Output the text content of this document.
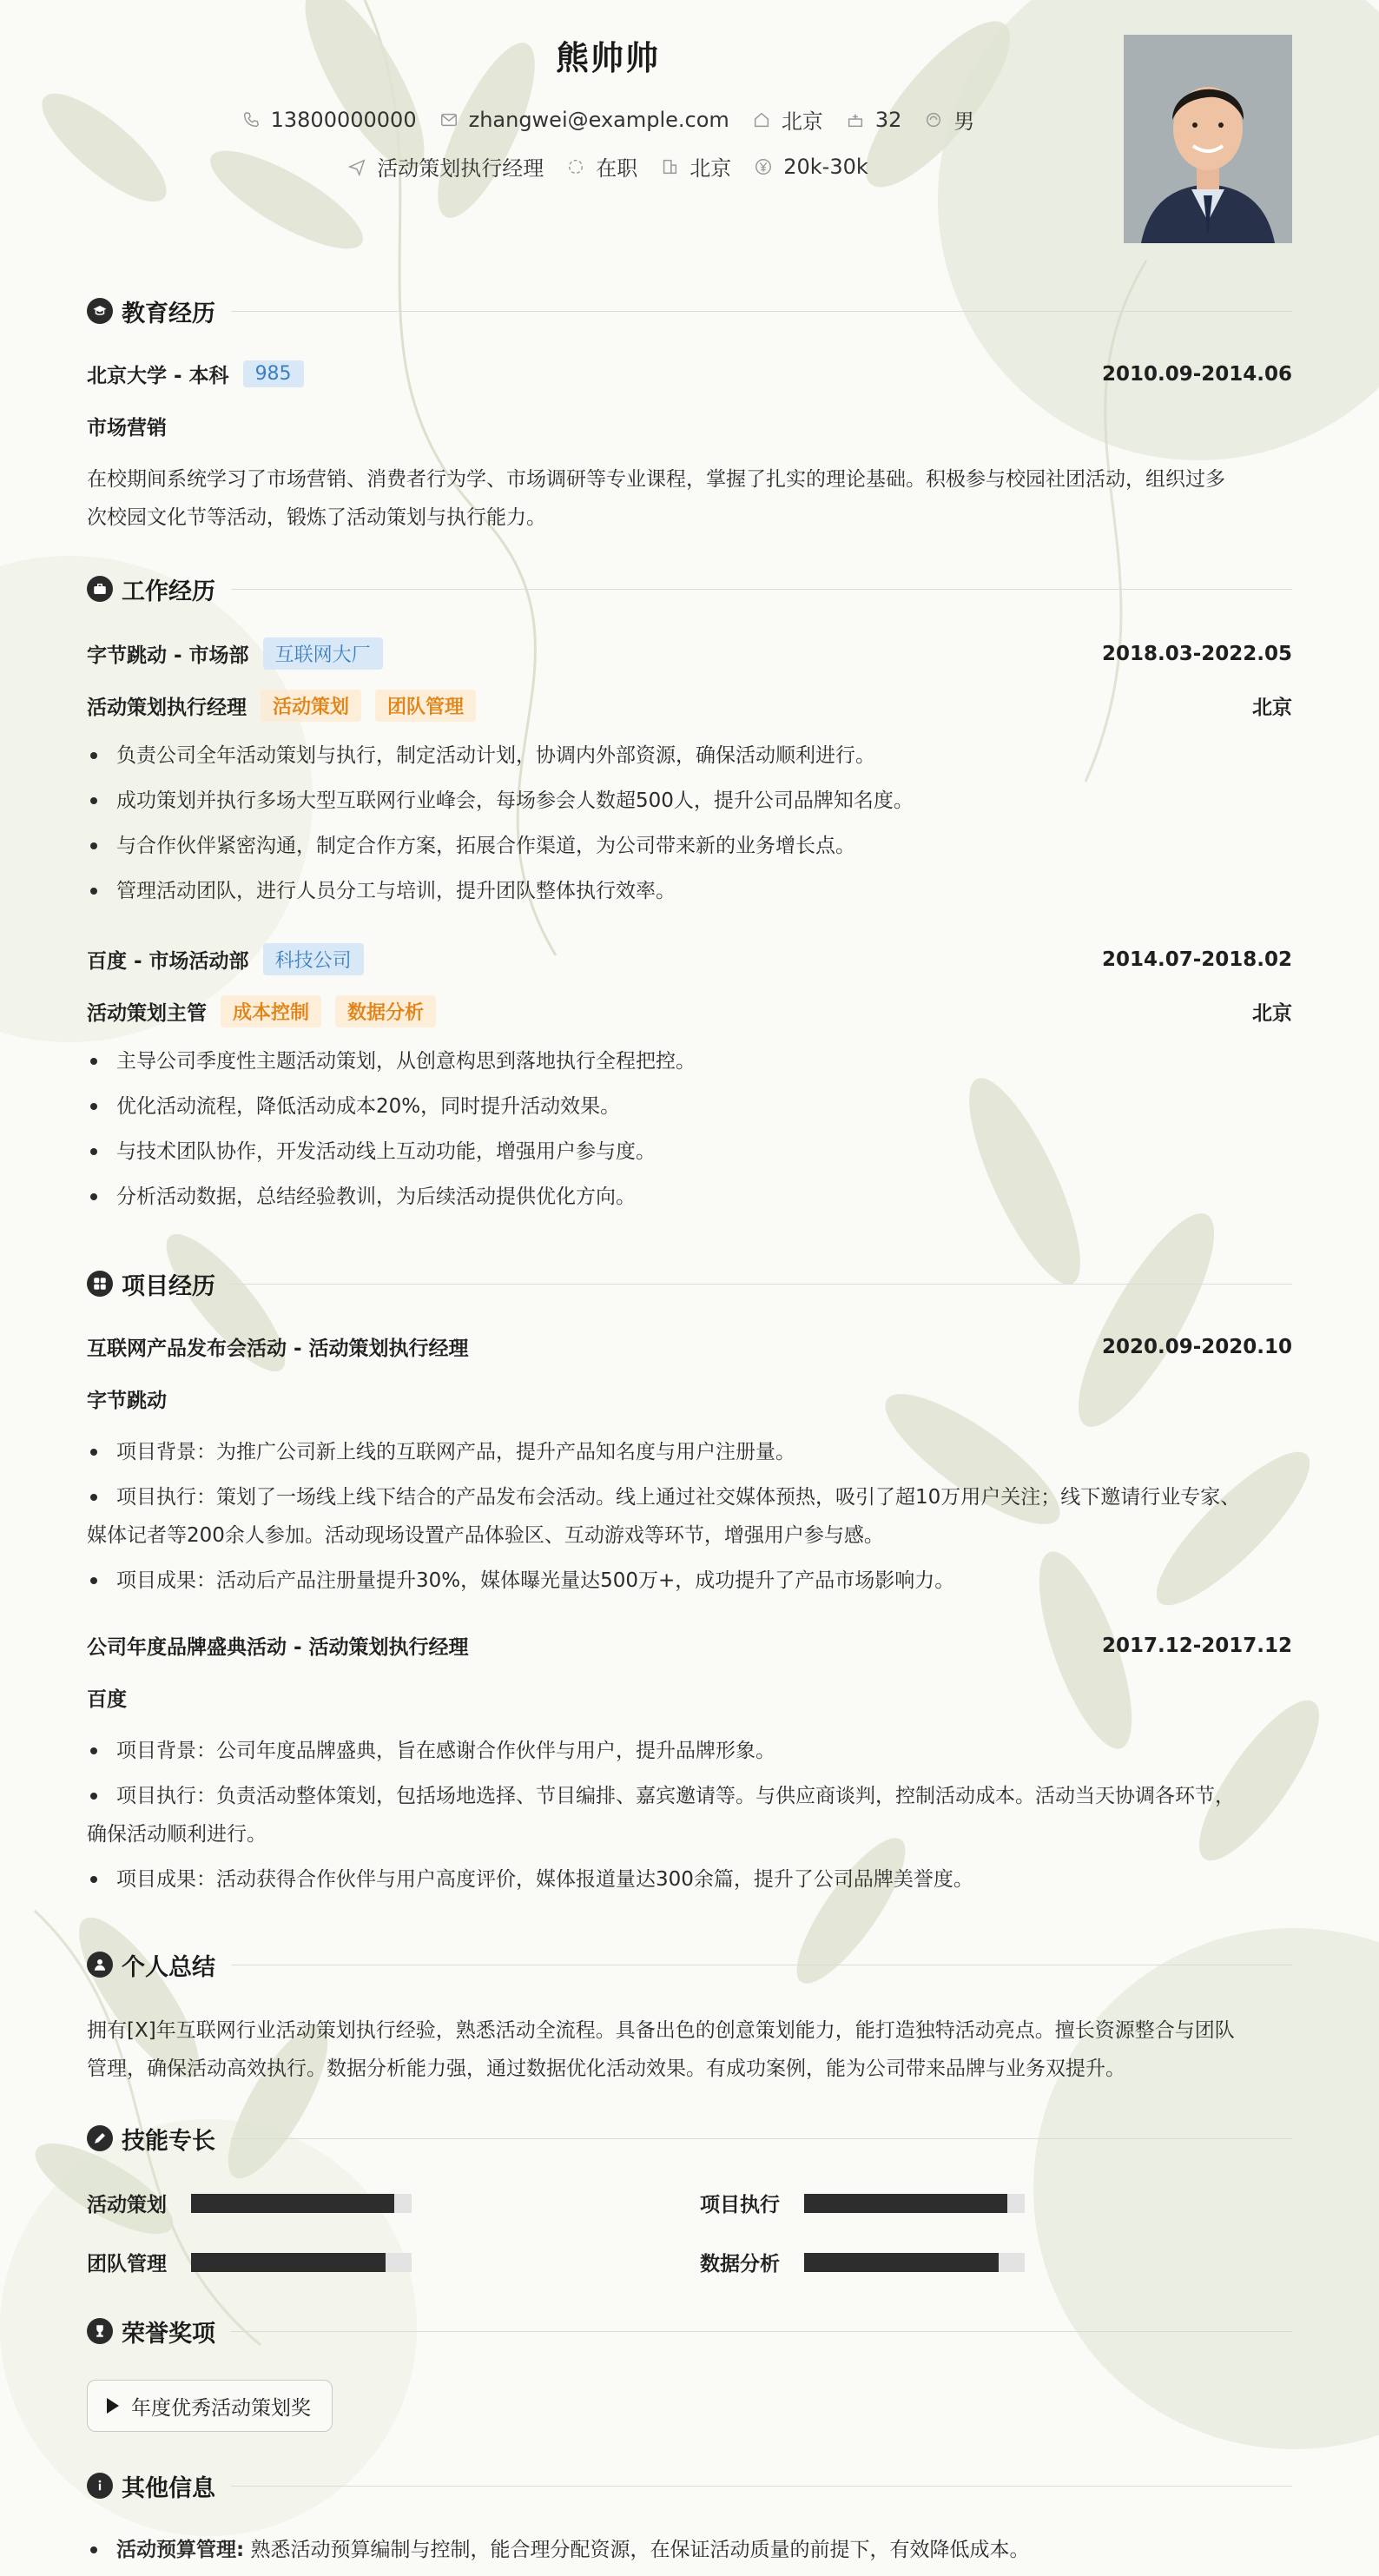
熊帅帅
13800000000	zhangwei@example.com	北京	32	男
活动策划执行经理	在职	北京	20k-30k
教育经历
北京大学 - 本科	985	2010.09-2014.06
市场营销
在校期间系统学习了市场营销、消费者行为学、市场调研等专业课程，掌握了扎实的理论基础。积极参与校园社团活动，组织过多
次校园文化节等活动，锻炼了活动策划与执行能力。
工作经历
字节跳动 - 市场部	互联网大厂	2018.03-2022.05
活动策划执行经理	活动策划	团队管理	北京
负责公司全年活动策划与执行，制定活动计划，协调内外部资源，确保活动顺利进行。
成功策划并执行多场大型互联网行业峰会，每场参会人数超500人，提升公司品牌知名度。
与合作伙伴紧密沟通，制定合作方案，拓展合作渠道，为公司带来新的业务增长点。
管理活动团队，进行人员分工与培训，提升团队整体执行效率。
百度 - 市场活动部	科技公司	2014.07-2018.02
活动策划主管	成本控制	数据分析	北京
主导公司季度性主题活动策划，从创意构思到落地执行全程把控。
优化活动流程，降低活动成本20%，同时提升活动效果。
与技术团队协作，开发活动线上互动功能，增强用户参与度。
分析活动数据，总结经验教训，为后续活动提供优化方向。
项目经历
互联网产品发布会活动 - 活动策划执行经理	2020.09-2020.10
字节跳动
项目背景：为推广公司新上线的互联网产品，提升产品知名度与用户注册量。
项目执行：策划了一场线上线下结合的产品发布会活动。线上通过社交媒体预热，吸引了超10万用户关注；线下邀请行业专家、
媒体记者等200余人参加。活动现场设置产品体验区、互动游戏等环节，增强用户参与感。
项目成果：活动后产品注册量提升30%，媒体曝光量达500万+，成功提升了产品市场影响力。
公司年度品牌盛典活动 - 活动策划执行经理	2017.12-2017.12
百度
项目背景：公司年度品牌盛典，旨在感谢合作伙伴与用户，提升品牌形象。
项目执行：负责活动整体策划，包括场地选择、节目编排、嘉宾邀请等。与供应商谈判，控制活动成本。活动当天协调各环节，
确保活动顺利进行。
项目成果：活动获得合作伙伴与用户高度评价，媒体报道量达300余篇，提升了公司品牌美誉度。
个人总结
拥有[X]年互联网行业活动策划执行经验，熟悉活动全流程。具备出色的创意策划能力，能打造独特活动亮点。擅长资源整合与团队
管理，确保活动高效执行。数据分析能力强，通过数据优化活动效果。有成功案例，能为公司带来品牌与业务双提升。
技能专长
活动策划	项目执行
团队管理	数据分析
荣誉奖项
年度优秀活动策划奖
其他信息
活动预算管理: 熟悉活动预算编制与控制，能合理分配资源，在保证活动质量的前提下，有效降低成本。
